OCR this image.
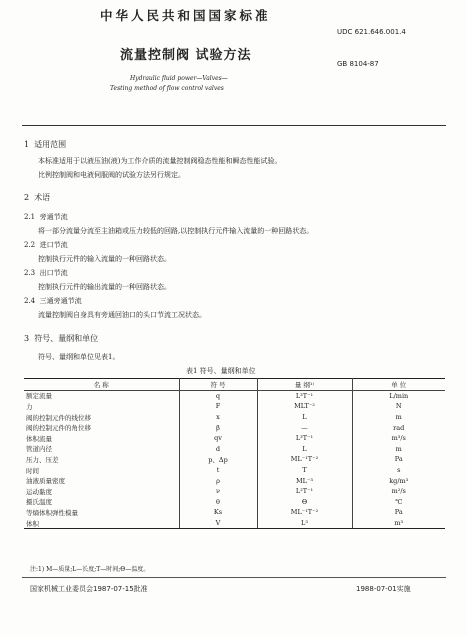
中华人民共和国国家标准
UDC 621.646.001.4
流量控制阀 试验方法
GB 8104-87
Hydraulic fluid power—Valves—
Testing method of flow control valves
1 适用范围
本标准适用于以液压油(液)为工作介质的流量控制阀稳态性能和瞬态性能试验。
比例控制阀和电液伺服阀的试验方法另行规定。
2 术语
2.1 旁通节流
将一部分流量分流至主油箱或压力较低的回路,以控制执行元件输入流量的一种回路状态。
2.2 进口节流
控制执行元件的输入流量的一种回路状态。
2.3 出口节流
控制执行元件的输出流量的一种回路状态。
2.4 三通旁通节流
流量控制阀自身具有旁通回油口的头口节流工况状态。
3 符号、量纲和单位
符号、量纲和单位见表1。
表1 符号、量纲和单位
名 称	符 号	量 纲¹⁾	单 位
额定流量	q	L³T⁻¹	L/min
力	F	MLT⁻²	N
阀的控制元件的线位移	x	L	m
阀的控制元件的角位移	β	—	rad
体积流量	qv	L³T⁻¹	m³/s
管道内径	d	L	m
压力、压差	p、Δp	ML⁻¹T⁻²	Pa
时间	t	T	s
油液质量密度	ρ	ML⁻³	kg/m³
运动黏度	ν	L²T⁻¹	m²/s
摄氏温度	θ	Θ	℃
等熵体积弹性模量	Ks	ML⁻¹T⁻²	Pa
体积	V	L³	m³
注:1) M—质量;L—长度;T—时间;Θ—温度。
国家机械工业委员会1987-07-15批准	1988-07-01实施
